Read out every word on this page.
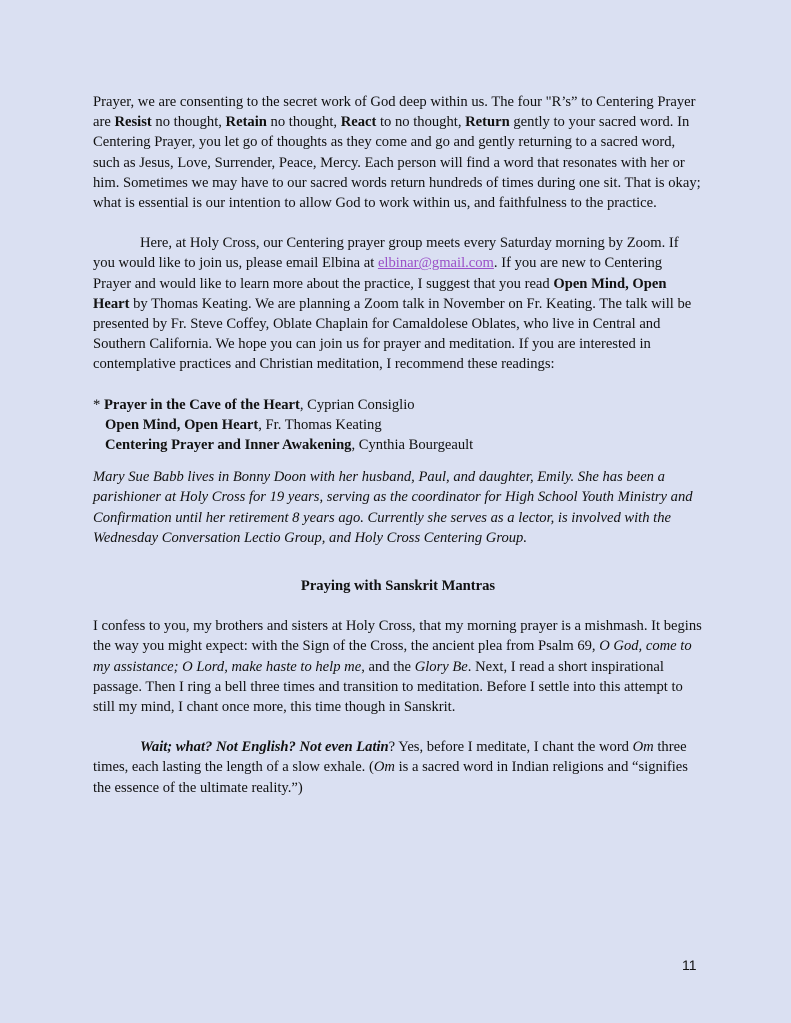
Prayer, we are consenting to the secret work of God deep within us. The four "R’s” to Centering Prayer are Resist no thought, Retain no thought, React to no thought, Return gently to your sacred word. In Centering Prayer, you let go of thoughts as they come and go and gently returning to a sacred word, such as Jesus, Love, Surrender, Peace, Mercy. Each person will find a word that resonates with her or him. Sometimes we may have to our sacred words return hundreds of times during one sit. That is okay; what is essential is our intention to allow God to work within us, and faithfulness to the practice.

Here, at Holy Cross, our Centering prayer group meets every Saturday morning by Zoom. If you would like to join us, please email Elbina at elbinar@gmail.com. If you are new to Centering Prayer and would like to learn more about the practice, I suggest that you read Open Mind, Open Heart by Thomas Keating. We are planning a Zoom talk in November on Fr. Keating. The talk will be presented by Fr. Steve Coffey, Oblate Chaplain for Camaldolese Oblates, who live in Central and Southern California. We hope you can join us for prayer and meditation. If you are interested in contemplative practices and Christian meditation, I recommend these readings:

* Prayer in the Cave of the Heart, Cyprian Consiglio

Open Mind, Open Heart, Fr. Thomas Keating

Centering Prayer and Inner Awakening, Cynthia Bourgeault

Mary Sue Babb lives in Bonny Doon with her husband, Paul, and daughter, Emily. She has been a parishioner at Holy Cross for 19 years, serving as the coordinator for High School Youth Ministry and Confirmation until her retirement 8 years ago. Currently she serves as a lector, is involved with the Wednesday Conversation Lectio Group, and Holy Cross Centering Group.

Praying with Sanskrit Mantras

I confess to you, my brothers and sisters at Holy Cross, that my morning prayer is a mishmash. It begins the way you might expect: with the Sign of the Cross, the ancient plea from Psalm 69, O God, come to my assistance; O Lord, make haste to help me, and the Glory Be. Next, I read a short inspirational passage. Then I ring a bell three times and transition to meditation. Before I settle into this attempt to still my mind, I chant once more, this time though in Sanskrit.

Wait; what? Not English? Not even Latin? Yes, before I meditate, I chant the word Om three times, each lasting the length of a slow exhale. (Om is a sacred word in Indian religions and “signifies the essence of the ultimate reality.”)

11
